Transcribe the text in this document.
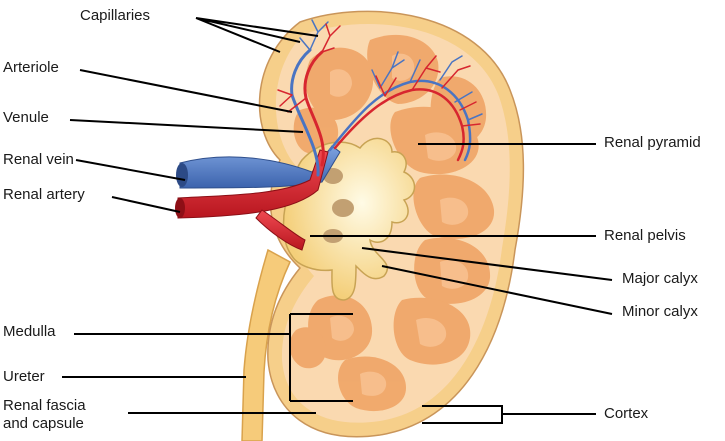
Capillaries
Arteriole
Venule
Renal vein
Renal artery
Medulla
Ureter
Renal fascia
and capsule
Renal pyramid
Renal pelvis
Major calyx
Minor calyx
Cortex
